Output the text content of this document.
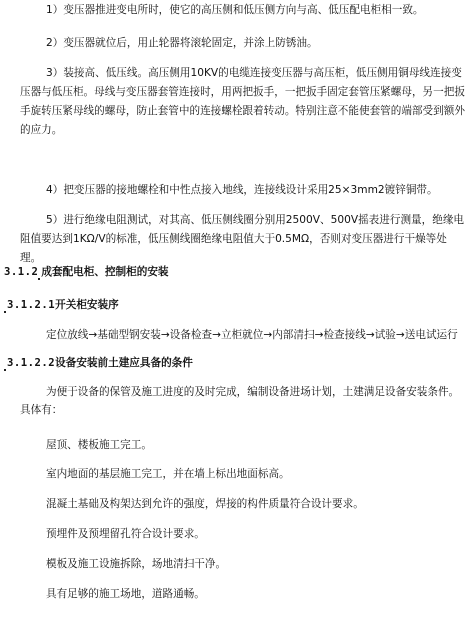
1）变压器推进变电所时，使它的高压侧和低压侧方向与高、低压配电柜相一致。
2）变压器就位后，用止轮器将滚轮固定，并涂上防锈油。
3）装接高、低压线。高压侧用10KV的电缆连接变压器与高压柜，低压侧用铜母线连接变压器与低压柜。母线与变压器套管连接时，用两把扳手，一把扳手固定套管压紧螺母，另一把扳手旋转压紧母线的螺母，防止套管中的连接螺栓跟着转动。特别注意不能使套管的端部受到额外的应力。
4）把变压器的接地螺栓和中性点接入地线，连接线设计采用25×3mm2镀锌铜带。
5）进行绝缘电阻测试，对其高、低压侧线圈分别用2500V、500V摇表进行测量，绝缘电阻值要达到1KΩ/V的标准，低压侧线圈绝缘电阻值大于0.5MΩ，否则对变压器进行干燥等处理。
3.1.2 成套配电柜、控制柜的安装
3.1.2.1开关柜安装序
定位放线→基础型钢安装→设备检查→立柜就位→内部清扫→检查接线→试验→送电试运行
3.1.2.2设备安装前土建应具备的条件
为便于设备的保管及施工进度的及时完成，编制设备进场计划，土建满足设备安装条件。具体有：
屋顶、楼板施工完工。
室内地面的基层施工完工，并在墙上标出地面标高。
混凝土基础及构架达到允许的强度，焊接的构件质量符合设计要求。
预埋件及预埋留孔符合设计要求。
模板及施工设施拆除，场地清扫干净。
具有足够的施工场地，道路通畅。
